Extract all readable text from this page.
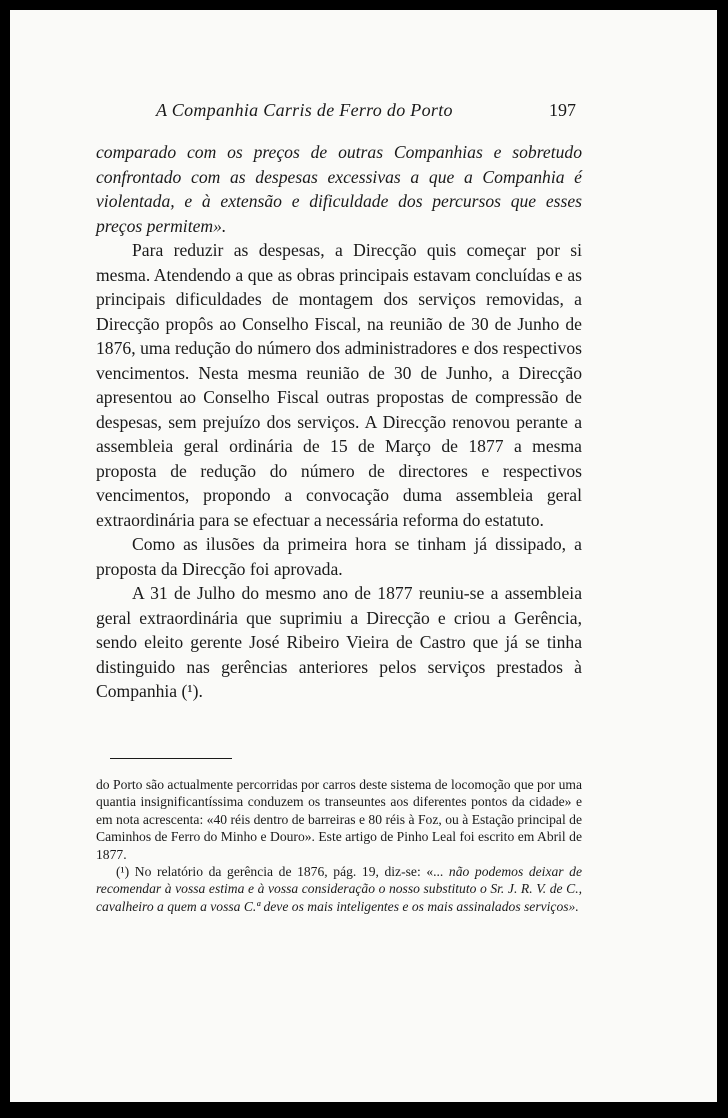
A Companhia Carris de Ferro do Porto	197

comparado com os preços de outras Companhias e sobretudo confrontado com as despesas excessivas a que a Companhia é violentada, e à extensão e dificuldade dos percursos que esses preços permitem».

Para reduzir as despesas, a Direcção quis começar por si mesma. Atendendo a que as obras principais estavam concluídas e as principais dificuldades de montagem dos serviços removidas, a Direcção propôs ao Conselho Fiscal, na reunião de 30 de Junho de 1876, uma redução do número dos administradores e dos respectivos vencimentos. Nesta mesma reunião de 30 de Junho, a Direcção apresentou ao Conselho Fiscal outras propostas de compressão de despesas, sem prejuízo dos serviços. A Direcção renovou perante a assembleia geral ordinária de 15 de Março de 1877 a mesma proposta de redução do número de directores e respectivos vencimentos, propondo a convocação duma assembleia geral extraordinária para se efectuar a necessária reforma do estatuto.

Como as ilusões da primeira hora se tinham já dissipado, a proposta da Direcção foi aprovada.

A 31 de Julho do mesmo ano de 1877 reuniu-se a assembleia geral extraordinária que suprimiu a Direcção e criou a Gerência, sendo eleito gerente José Ribeiro Vieira de Castro que já se tinha distinguido nas gerências anteriores pelos serviços prestados à Companhia (¹).

do Porto são actualmente percorridas por carros deste sistema de locomoção que por uma quantia insignificantíssima conduzem os transeuntes aos diferentes pontos da cidade» e em nota acrescenta: «40 réis dentro de barreiras e 80 réis à Foz, ou à Estação principal de Caminhos de Ferro do Minho e Douro». Este artigo de Pinho Leal foi escrito em Abril de 1877.

(¹) No relatório da gerência de 1876, pág. 19, diz-se: «... não podemos deixar de recomendar à vossa estima e à vossa consideração o nosso substituto o Sr. J. R. V. de C., cavalheiro a quem a vossa C.ª deve os mais inteligentes e os mais assinalados serviços».
